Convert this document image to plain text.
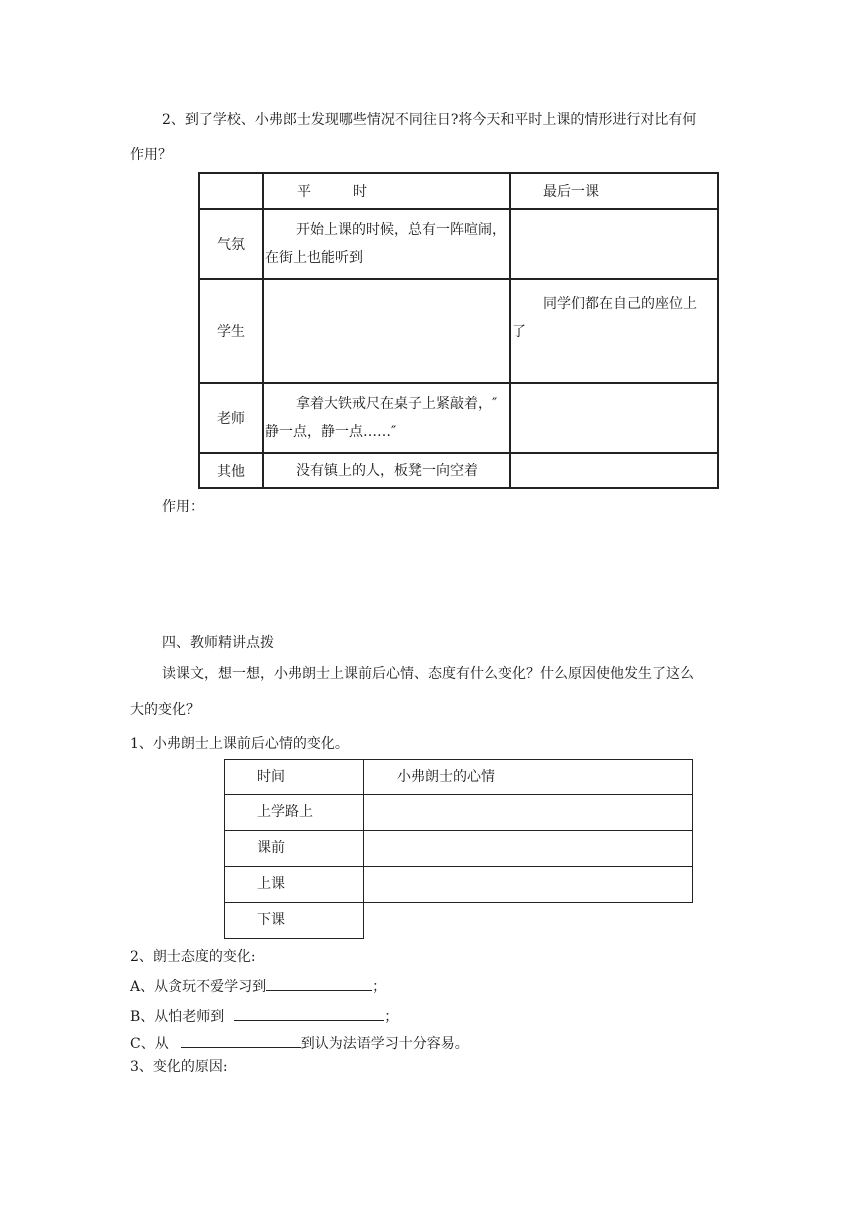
2、到了学校、小弗郎士发现哪些情况不同往日?将今天和平时上课的情形进行对比有何
作用？
	平　　　时	最后一课
气氛	开始上课的时候，总有一阵喧闹，
在街上也能听到	

学生		同学们都在自己的座位上
了

老师	拿着大铁戒尺在桌子上紧敲着，″
静一点，静一点……″	

其他	没有镇上的人，板凳一向空着	

作用：
四、教师精讲点拨
读课文，想一想，小弗朗士上课前后心情、态度有什么变化？什么原因使他发生了这么
大的变化？
1、小弗朗士上课前后心情的变化。
时间	小弗朗士的心情
上学路上
课前
上课
下课
2、朗士态度的变化:
A、从贪玩不爱学习到	；
B、从怕老师到	；
C、从	到认为法语学习十分容易。
3、变化的原因:
